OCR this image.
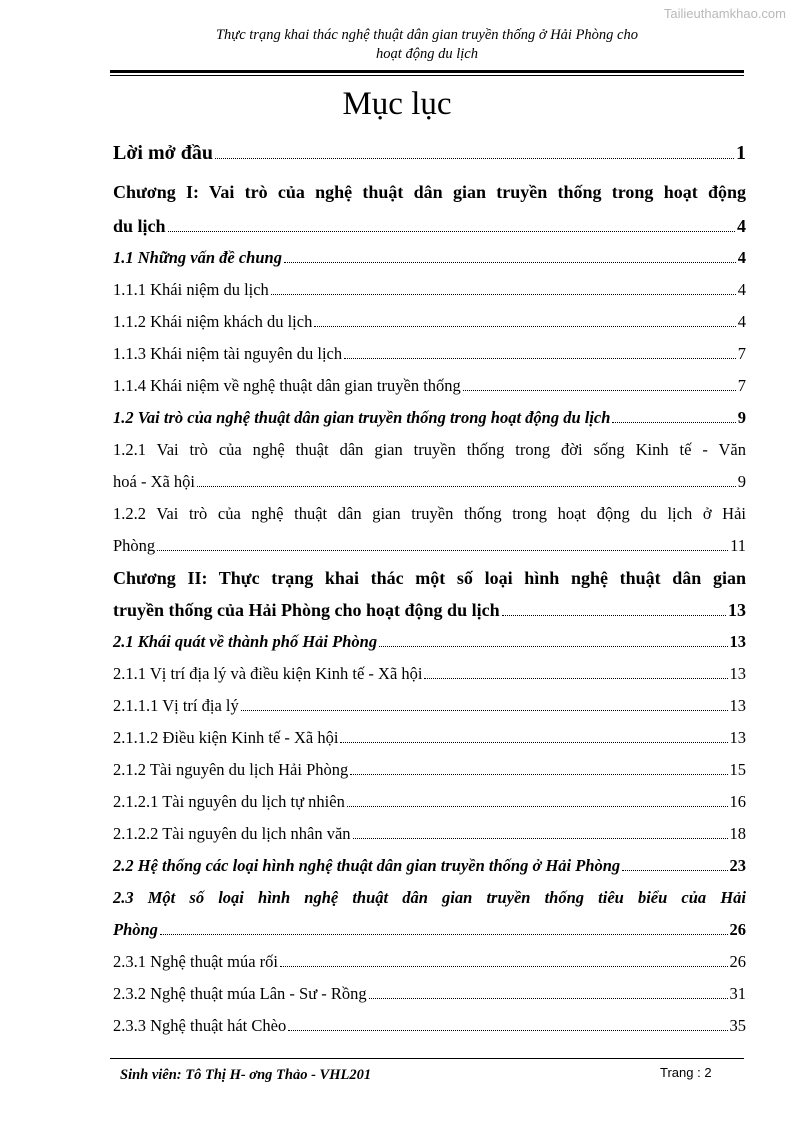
Tailieuthamkhao.com
Thực trạng khai thác nghệ thuật dân gian truyền thống ở Hải Phòng cho
hoạt động du lịch
Mục lục
Lời mở đầu	1
Chương I: Vai trò của nghệ thuật dân gian truyền thống trong hoạt động
du lịch	4
1.1 Những vấn đề chung	4
1.1.1 Khái niệm du lịch	4
1.1.2 Khái niệm khách du lịch	4
1.1.3 Khái niệm tài nguyên du lịch	7
1.1.4 Khái niệm về nghệ thuật dân gian truyền thống	7
1.2 Vai trò của nghệ thuật dân gian truyền thống trong hoạt động du lịch	9
1.2.1 Vai trò của nghệ thuật dân gian truyền thống trong đời sống Kinh tế - Văn
hoá - Xã hội	9
1.2.2 Vai trò của nghệ thuật dân gian truyền thống trong hoạt động du lịch ở Hải
Phòng	11
Chương II: Thực trạng khai thác một số loại hình nghệ thuật dân gian
truyền thống của Hải Phòng cho hoạt động du lịch	13
2.1 Khái quát về thành phố Hải Phòng	13
2.1.1 Vị trí địa lý và điều kiện Kinh tế - Xã hội	13
2.1.1.1 Vị trí địa lý	13
2.1.1.2 Điều kiện Kinh tế - Xã hội	13
2.1.2 Tài nguyên du lịch Hải Phòng	15
2.1.2.1 Tài nguyên du lịch tự nhiên	16
2.1.2.2 Tài nguyên du lịch nhân văn	18
2.2 Hệ thống các loại hình nghệ thuật dân gian truyền thống ở Hải Phòng	23
2.3 Một số loại hình nghệ thuật dân gian truyền thống tiêu biểu của Hải
Phòng	26
2.3.1 Nghệ thuật múa rối	26
2.3.2 Nghệ thuật múa Lân - Sư - Rồng	31
2.3.3 Nghệ thuật hát Chèo	35
Sinh viên: Tô Thị H- ơng Thảo - VHL201	Trang : 2
